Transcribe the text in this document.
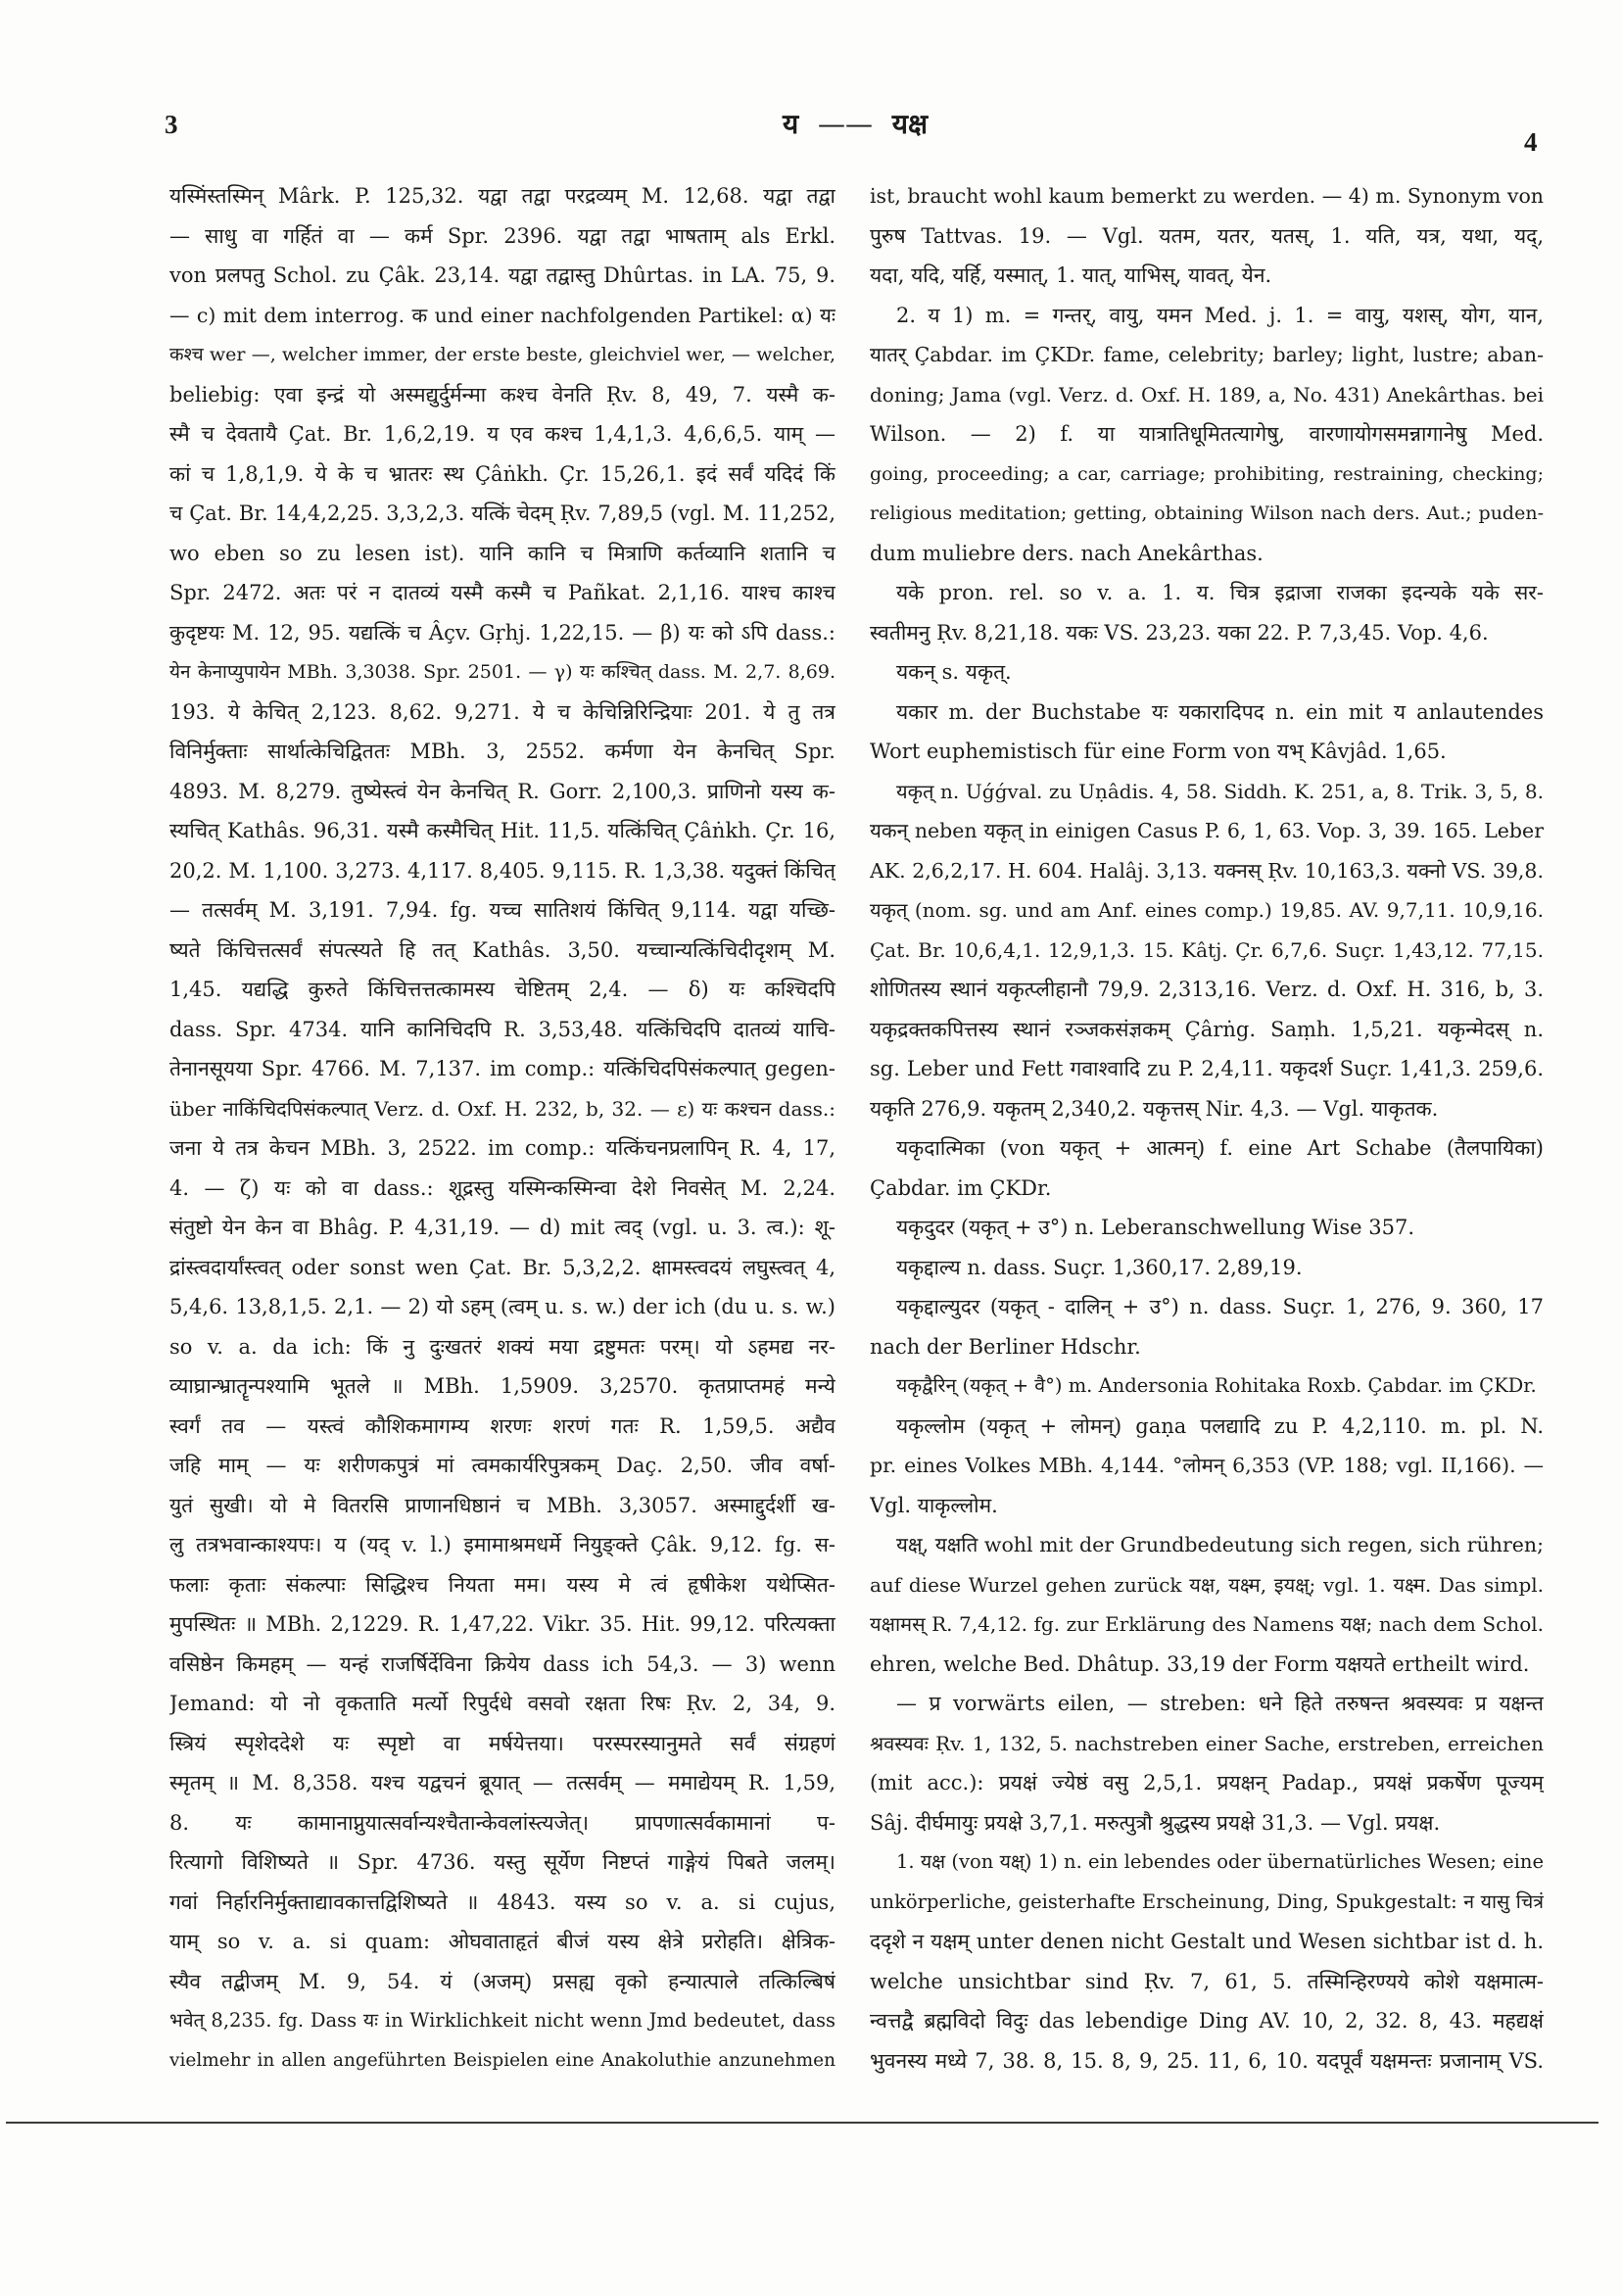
3	य —— यक्ष
4
यस्मिंस्तस्मिन् Mârk. P. 125,32. यद्वा तद्वा परद्रव्यम् M. 12,68. यद्वा तद्वा
— साधु वा गर्हितं वा — कर्म Spr. 2396. यद्वा तद्वा भाषताम् als Erkl.
von प्रलपतु Schol. zu Çâk. 23,14. यद्वा तद्वास्तु Dhûrtas. in LA. 75, 9.
— c) mit dem interrog. क und einer nachfolgenden Partikel: α) यः
कश्च wer —, welcher immer, der erste beste, gleichviel wer, — welcher,
beliebig: एवा इन्द्रं यो अस्मद्युर्दुर्मन्मा कश्च वेनति Ṛv. 8, 49, 7. यस्मै क-
स्मै च देवतायै Çat. Br. 1,6,2,19. य एव कश्च 1,4,1,3. 4,6,6,5. याम् —
कां च 1,8,1,9. ये के च भ्रातरः स्थ Çâṅkh. Çr. 15,26,1. इदं सर्वं यदिदं किं
च Çat. Br. 14,4,2,25. 3,3,2,3. यत्किं चेदम् Ṛv. 7,89,5 (vgl. M. 11,252,
wo eben so zu lesen ist). यानि कानि च मित्राणि कर्तव्यानि शतानि च
Spr. 2472. अतः परं न दातव्यं यस्मै कस्मै च Pañkat. 2,1,16. याश्च काश्च
कुदृष्टयः M. 12, 95. यद्यत्किं च Âçv. Gṛhj. 1,22,15. — β) यः को ऽपि dass.:
येन केनाप्युपायेन MBh. 3,3038. Spr. 2501. — γ) यः कश्चित् dass. M. 2,7. 8,69.
193. ये केचित् 2,123. 8,62. 9,271. ये च केचिन्निरिन्द्रियाः 201. ये तु तत्र
विनिर्मुक्ताः सार्थात्केचिद्विततः MBh. 3, 2552. कर्मणा येन केनचित् Spr.
4893. M. 8,279. तुष्येस्त्वं येन केनचित् R. Gorr. 2,100,3. प्राणिनो यस्य क-
स्यचित् Kathâs. 96,31. यस्मै कस्मैचित् Hit. 11,5. यत्किंचित् Çâṅkh. Çr. 16,
20,2. M. 1,100. 3,273. 4,117. 8,405. 9,115. R. 1,3,38. यदुक्तं किंचित्
— तत्सर्वम् M. 3,191. 7,94. fg. यच्च सातिशयं किंचित् 9,114. यद्वा यच्छि-
ष्यते किंचित्तत्सर्वं संपत्स्यते हि तत् Kathâs. 3,50. यच्चान्यत्किंचिदीदृशम् M.
1,45. यद्यद्धि कुरुते किंचित्तत्तत्कामस्य चेष्टितम् 2,4. — δ) यः कश्चिदपि
dass. Spr. 4734. यानि कानिचिदपि R. 3,53,48. यत्किंचिदपि दातव्यं याचि-
तेनानसूयया Spr. 4766. M. 7,137. im comp.: यत्किंचिदपिसंकल्पात् gegen-
über नाकिंचिदपिसंकल्पात् Verz. d. Oxf. H. 232, b, 32. — ε) यः कश्चन dass.:
जना ये तत्र केचन MBh. 3, 2522. im comp.: यत्किंचनप्रलापिन् R. 4, 17,
4. — ζ) यः को वा dass.: शूद्रस्तु यस्मिन्कस्मिन्वा देशे निवसेत् M. 2,24.
संतुष्टो येन केन वा Bhâg. P. 4,31,19. — d) mit त्वद् (vgl. u. 3. त्व.): शू-
द्रांस्त्वदार्यांस्त्वत् oder sonst wen Çat. Br. 5,3,2,2. क्षामस्त्वदयं लघुस्त्वत् 4,
5,4,6. 13,8,1,5. 2,1. — 2) यो ऽहम् (त्वम् u. s. w.) der ich (du u. s. w.)
so v. a. da ich: किं नु दुःखतरं शक्यं मया द्रष्टुमतः परम्। यो ऽहमद्य नर-
व्याघ्रान्भ्रातॄन्पश्यामि भूतले ॥ MBh. 1,5909. 3,2570. कृतप्राप्तमहं मन्ये
स्वर्गं तव — यस्त्वं कौशिकमागम्य शरणः शरणं गतः R. 1,59,5. अद्यैव
जहि माम् — यः शरीणकपुत्रं मां त्वमकार्यरिपुत्रकम् Daç. 2,50. जीव वर्षा-
युतं सुखी। यो मे वितरसि प्राणानधिष्ठानं च MBh. 3,3057. अस्माद्दुर्दर्शी ख-
लु तत्रभवान्काश्यपः। य (यद् v. l.) इमामाश्रमधर्मे नियुङ्क्ते Çâk. 9,12. fg. स-
फलाः कृताः संकल्पाः सिद्धिश्च नियता मम। यस्य मे त्वं हृषीकेश यथेप्सित-
मुपस्थितः ॥ MBh. 2,1229. R. 1,47,22. Vikr. 35. Hit. 99,12. परित्यक्ता
वसिष्ठेन किमहम् — यन्हं राजर्षिर्देविना क्रियेय dass ich 54,3. — 3) wenn
Jemand: यो नो वृकताति मर्त्यो रिपुर्दधे वसवो रक्षता रिषः Ṛv. 2, 34, 9.
स्त्रियं स्पृशेददेशे यः स्पृष्टो वा मर्षयेत्तया। परस्परस्यानुमते सर्वं संग्रहणं
स्मृतम् ॥ M. 8,358. यश्च यद्वचनं ब्रूयात् — तत्सर्वम् — ममाद्येयम् R. 1,59,
8. यः कामानाप्नुयात्सर्वान्यश्चैतान्केवलांस्त्यजेत्। प्रापणात्सर्वकामानां प-
रित्यागो विशिष्यते ॥ Spr. 4736. यस्तु सूर्येण निष्टप्तं गाङ्गेयं पिबते जलम्।
गवां निर्हारनिर्मुक्ताद्यावकात्तद्विशिष्यते ॥ 4843. यस्य so v. a. si cujus,
याम् so v. a. si quam: ओघवाताहृतं बीजं यस्य क्षेत्रे प्ररोहति। क्षेत्रिक-
स्यैव तद्बीजम् M. 9, 54. यं (अजम्) प्रसह्य वृको हन्यात्पाले तत्किल्बिषं
भवेत् 8,235. fg. Dass यः in Wirklichkeit nicht wenn Jmd bedeutet, dass
vielmehr in allen angeführten Beispielen eine Anakoluthie anzunehmen
ist, braucht wohl kaum bemerkt zu werden. — 4) m. Synonym von
पुरुष Tattvas. 19. — Vgl. यतम, यतर, यतस्, 1. यति, यत्र, यथा, यद्,
यदा, यदि, यर्हि, यस्मात्, 1. यात्, याभिस्, यावत्, येन.
2. य 1) m. = गन्तर्, वायु, यमन Med. j. 1. = वायु, यशस्, योग, यान,
यातर् Çabdar. im ÇKDr. fame, celebrity; barley; light, lustre; aban-
doning; Jama (vgl. Verz. d. Oxf. H. 189, a, No. 431) Anekârthas. bei
Wilson. — 2) f. या यात्रातिधूमितत्यागेषु, वारणायोगसमन्नागानेषु Med.
going, proceeding; a car, carriage; prohibiting, restraining, checking;
religious meditation; getting, obtaining Wilson nach ders. Aut.; puden-
dum muliebre ders. nach Anekârthas.
यके pron. rel. so v. a. 1. य. चित्र इद्राजा राजका इदन्यके यके सर-
स्वतीमनु Ṛv. 8,21,18. यकः VS. 23,23. यका 22. P. 7,3,45. Vop. 4,6.
यकन् s. यकृत्.
यकार m. der Buchstabe यः यकारादिपद n. ein mit य anlautendes
Wort euphemistisch für eine Form von यभ् Kâvjâd. 1,65.
यकृत् n. Uǵǵval. zu Uṇâdis. 4, 58. Siddh. K. 251, a, 8. Trik. 3, 5, 8.
यकन् neben यकृत् in einigen Casus P. 6, 1, 63. Vop. 3, 39. 165. Leber
AK. 2,6,2,17. H. 604. Halâj. 3,13. यक्नस् Ṛv. 10,163,3. यक्नो VS. 39,8.
यकृत् (nom. sg. und am Anf. eines comp.) 19,85. AV. 9,7,11. 10,9,16.
Çat. Br. 10,6,4,1. 12,9,1,3. 15. Kâtj. Çr. 6,7,6. Suçr. 1,43,12. 77,15.
शोणितस्य स्थानं यकृत्प्लीहानौ 79,9. 2,313,16. Verz. d. Oxf. H. 316, b, 3.
यकृद्रक्तकपित्तस्य स्थानं रञ्जकसंज्ञकम् Çârṅg. Saṃh. 1,5,21. यकृन्मेदस् n.
sg. Leber und Fett गवाश्वादि zu P. 2,4,11. यकृदर्श Suçr. 1,41,3. 259,6.
यकृति 276,9. यकृतम् 2,340,2. यकृत्तस् Nir. 4,3. — Vgl. याकृतक.
यकृदात्मिका (von यकृत् + आत्मन्) f. eine Art Schabe (तैलपायिका)
Çabdar. im ÇKDr.
यकृदुदर (यकृत् + उ°) n. Leberanschwellung Wise 357.
यकृद्दाल्य n. dass. Suçr. 1,360,17. 2,89,19.
यकृद्दाल्युदर (यकृत् - दालिन् + उ°) n. dass. Suçr. 1, 276, 9. 360, 17
nach der Berliner Hdschr.
यकृद्वैरिन् (यकृत् + वै°) m. Andersonia Rohitaka Roxb. Çabdar. im ÇKDr.
यकृल्लोम (यकृत् + लोमन्) gaṇa पलद्यादि zu P. 4,2,110. m. pl. N.
pr. eines Volkes MBh. 4,144. °लोमन् 6,353 (VP. 188; vgl. II,166). —
Vgl. याकृल्लोम.
यक्ष्, यक्षति wohl mit der Grundbedeutung sich regen, sich rühren;
auf diese Wurzel gehen zurück यक्ष, यक्ष्म, इयक्ष्; vgl. 1. यक्ष्म. Das simpl.
यक्षामस् R. 7,4,12. fg. zur Erklärung des Namens यक्ष; nach dem Schol.
ehren, welche Bed. Dhâtup. 33,19 der Form यक्षयते ertheilt wird.
— प्र vorwärts eilen, — streben: धने हिते तरुषन्त श्रवस्यवः प्र यक्षन्त
श्रवस्यवः Ṛv. 1, 132, 5. nachstreben einer Sache, erstreben, erreichen
(mit acc.): प्रयक्षं ज्येष्ठं वसु 2,5,1. प्रयक्षन् Padap., प्रयक्षं प्रकर्षेण पूज्यम्
Sâj. दीर्घमायुः प्रयक्षे 3,7,1. मरुत्पुत्रौ श्रुद्धस्य प्रयक्षे 31,3. — Vgl. प्रयक्ष.
1. यक्ष (von यक्ष्) 1) n. ein lebendes oder übernatürliches Wesen; eine
unkörperliche, geisterhafte Erscheinung, Ding, Spukgestalt: न यासु चित्रं
ददृशे न यक्षम् unter denen nicht Gestalt und Wesen sichtbar ist d. h.
welche unsichtbar sind Ṛv. 7, 61, 5. तस्मिन्हिरण्यये कोशे यक्षमात्म-
न्वत्तद्वै ब्रह्मविदो विदुः das lebendige Ding AV. 10, 2, 32. 8, 43. महद्यक्षं
भुवनस्य मध्ये 7, 38. 8, 15. 8, 9, 25. 11, 6, 10. यदपूर्वं यक्षमन्तः प्रजानाम् VS.
